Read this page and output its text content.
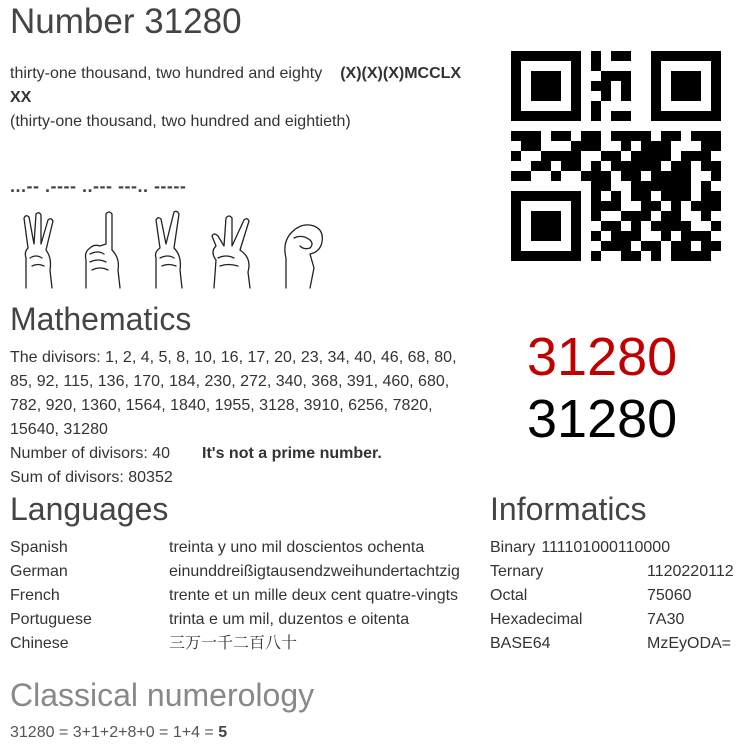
Number 31280
thirty-one thousand, two hundred and eighty (X)(X)(X)MCCLX XX
(thirty-one thousand, two hundred and eightieth)
...-- .---- ..--- ---.. -----
Mathematics
The divisors: 1, 2, 4, 5, 8, 10, 16, 17, 20, 23, 34, 40, 46, 68, 80, 85, 92, 115, 136, 170, 184, 230, 272, 340, 368, 391, 460, 680, 782, 920, 1360, 1564, 1840, 1955, 3128, 3910, 6256, 7820, 15640, 31280
Number of divisors: 40 It's not a prime number.
Sum of divisors: 80352
31280
31280
Languages
Spanish	treinta y uno mil doscientos ochenta
German	einunddreißigtausendzweihundertachtzig
French	trente et un mille deux cent quatre-vingts
Portuguese	trinta e um mil, duzentos e oitenta
Chinese	三万一千二百八十
Informatics
Binary 111101000110000
Ternary	1120220112
Octal	75060
Hexadecimal	7A30
BASE64	MzEyODA=
Classical numerology
31280 = 3+1+2+8+0 = 1+4 = 5
